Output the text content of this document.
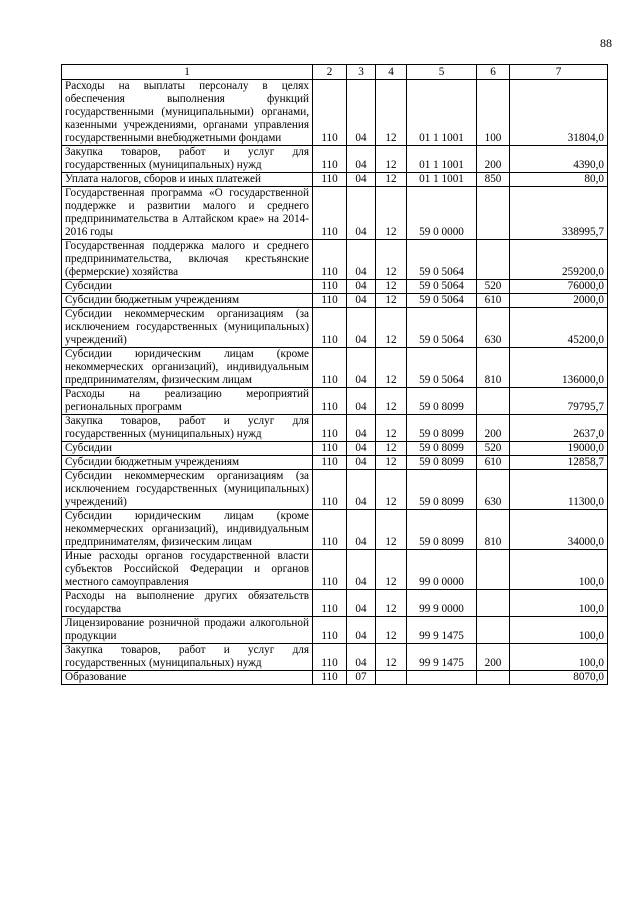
88
1	2	3	4	5	6	7
Расходы на выплаты персоналу в целях обеспечения выполнения функций государственными (муниципальными) органами, казенными учреждениями, органами управления государственными внебюджетными фондами	110	04	12	01 1 1001	100	31804,0
Закупка товаров, работ и услуг для государственных (муниципальных) нужд	110	04	12	01 1 1001	200	4390,0
Уплата налогов, сборов и иных платежей	110	04	12	01 1 1001	850	80,0
Государственная программа «О государственной поддержке и развитии малого и среднего предпринимательства в Алтайском крае» на 2014-2016 годы	110	04	12	59 0 0000		338995,7
Государственная поддержка малого и среднего предпринимательства, включая крестьянские (фермерские) хозяйства	110	04	12	59 0 5064		259200,0
Субсидии	110	04	12	59 0 5064	520	76000,0
Субсидии бюджетным учреждениям	110	04	12	59 0 5064	610	2000,0
Субсидии некоммерческим организациям (за исключением государственных (муниципальных) учреждений)	110	04	12	59 0 5064	630	45200,0
Субсидии юридическим лицам (кроме некоммерческих организаций), индивидуальным предпринимателям, физическим лицам	110	04	12	59 0 5064	810	136000,0
Расходы на реализацию мероприятий региональных программ	110	04	12	59 0 8099		79795,7
Закупка товаров, работ и услуг для государственных (муниципальных) нужд	110	04	12	59 0 8099	200	2637,0
Субсидии	110	04	12	59 0 8099	520	19000,0
Субсидии бюджетным учреждениям	110	04	12	59 0 8099	610	12858,7
Субсидии некоммерческим организациям (за исключением государственных (муниципальных) учреждений)	110	04	12	59 0 8099	630	11300,0
Субсидии юридическим лицам (кроме некоммерческих организаций), индивидуальным предпринимателям, физическим лицам	110	04	12	59 0 8099	810	34000,0
Иные расходы органов государственной власти субъектов Российской Федерации и органов местного самоуправления	110	04	12	99 0 0000		100,0
Расходы на выполнение других обязательств государства	110	04	12	99 9 0000		100,0
Лицензирование розничной продажи алкогольной продукции	110	04	12	99 9 1475		100,0
Закупка товаров, работ и услуг для государственных (муниципальных) нужд	110	04	12	99 9 1475	200	100,0
Образование	110	07				8070,0
